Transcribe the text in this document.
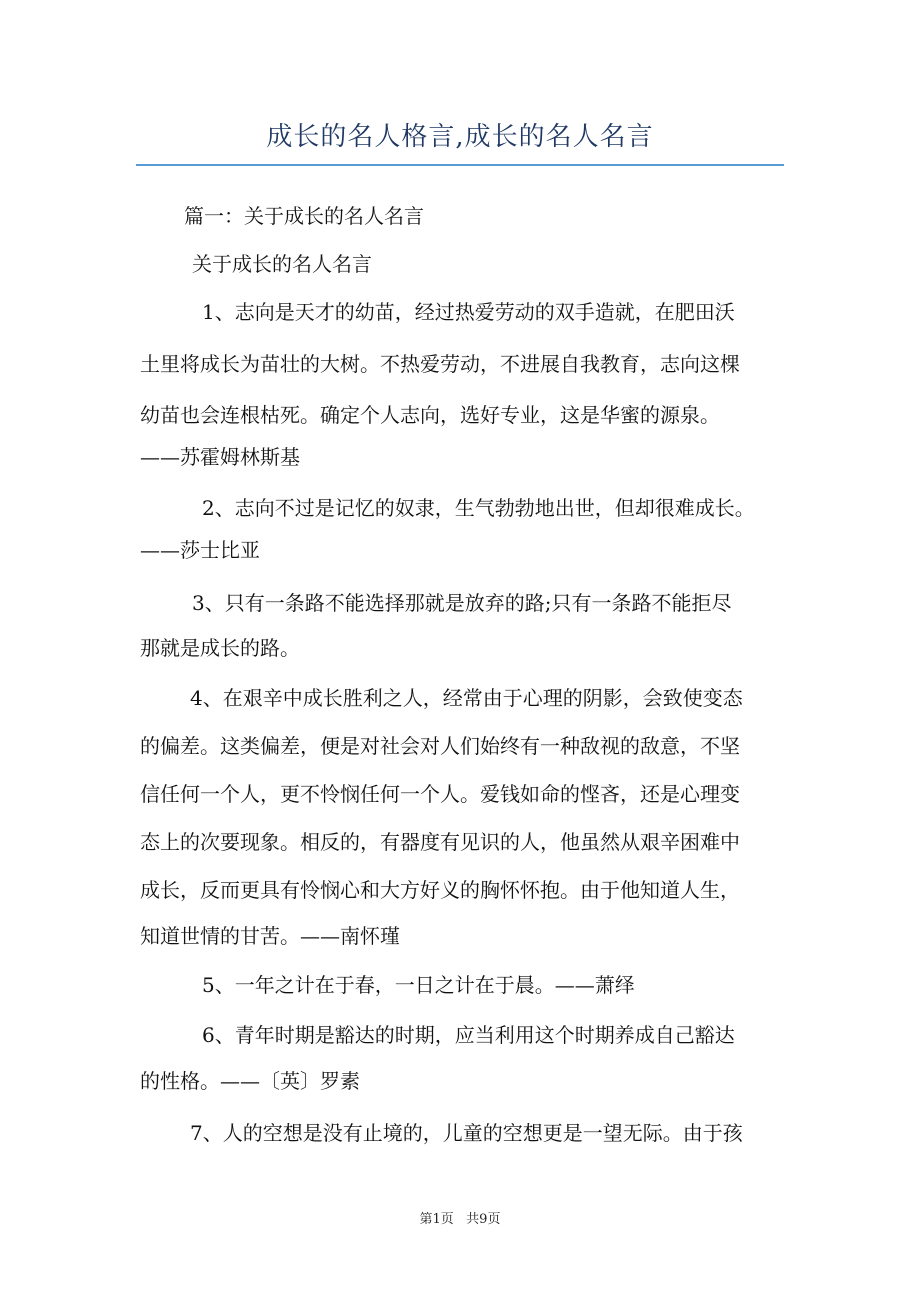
成长的名人格言,成长的名人名言
篇一：关于成长的名人名言
关于成长的名人名言
1、志向是天才的幼苗，经过热爱劳动的双手造就，在肥田沃
土里将成长为苗壮的大树。不热爱劳动，不进展自我教育，志向这棵
幼苗也会连根枯死。确定个人志向，选好专业，这是华蜜的源泉。
——苏霍姆林斯基
2、志向不过是记忆的奴隶，生气勃勃地出世，但却很难成长。
——莎士比亚
3、只有一条路不能选择那就是放弃的路;只有一条路不能拒尽
那就是成长的路。
4、在艰辛中成长胜利之人，经常由于心理的阴影，会致使变态
的偏差。这类偏差，便是对社会对人们始终有一种敌视的敌意，不坚
信任何一个人，更不怜悯任何一个人。爱钱如命的悭吝，还是心理变
态上的次要现象。相反的，有器度有见识的人，他虽然从艰辛困难中
成长，反而更具有怜悯心和大方好义的胸怀怀抱。由于他知道人生，
知道世情的甘苦。——南怀瑾
5、一年之计在于春，一日之计在于晨。——萧绎
6、青年时期是豁达的时期，应当利用这个时期养成自己豁达
的性格。——〔英〕罗素
7、人的空想是没有止境的，儿童的空想更是一望无际。由于孩
第1页   共9页
